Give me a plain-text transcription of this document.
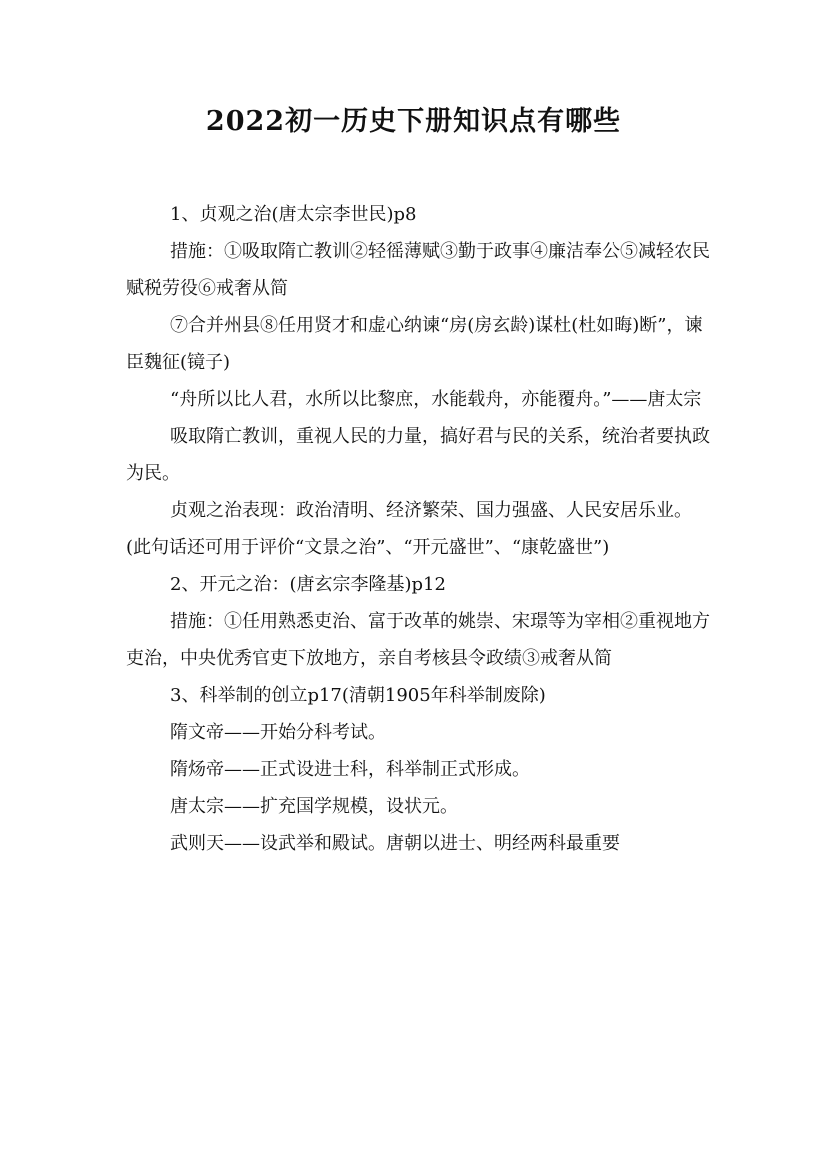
2022初一历史下册知识点有哪些

1、贞观之治(唐太宗李世民)p8

措施：①吸取隋亡教训②轻徭薄赋③勤于政事④廉洁奉公⑤减轻农民赋税劳役⑥戒奢从简

⑦合并州县⑧任用贤才和虚心纳谏“房(房玄龄)谋杜(杜如晦)断”，谏臣魏征(镜子)

“舟所以比人君，水所以比黎庶，水能载舟，亦能覆舟。”——唐太宗

吸取隋亡教训，重视人民的力量，搞好君与民的关系，统治者要执政为民。

贞观之治表现：政治清明、经济繁荣、国力强盛、人民安居乐业。(此句话还可用于评价“文景之治”、“开元盛世”、“康乾盛世”)

2、开元之治：(唐玄宗李隆基)p12

措施：①任用熟悉吏治、富于改革的姚崇、宋璟等为宰相②重视地方吏治，中央优秀官吏下放地方，亲自考核县令政绩③戒奢从简

3、科举制的创立p17(清朝1905年科举制废除)

隋文帝——开始分科考试。

隋炀帝——正式设进士科，科举制正式形成。

唐太宗——扩充国学规模，设状元。

武则天——设武举和殿试。唐朝以进士、明经两科最重要
